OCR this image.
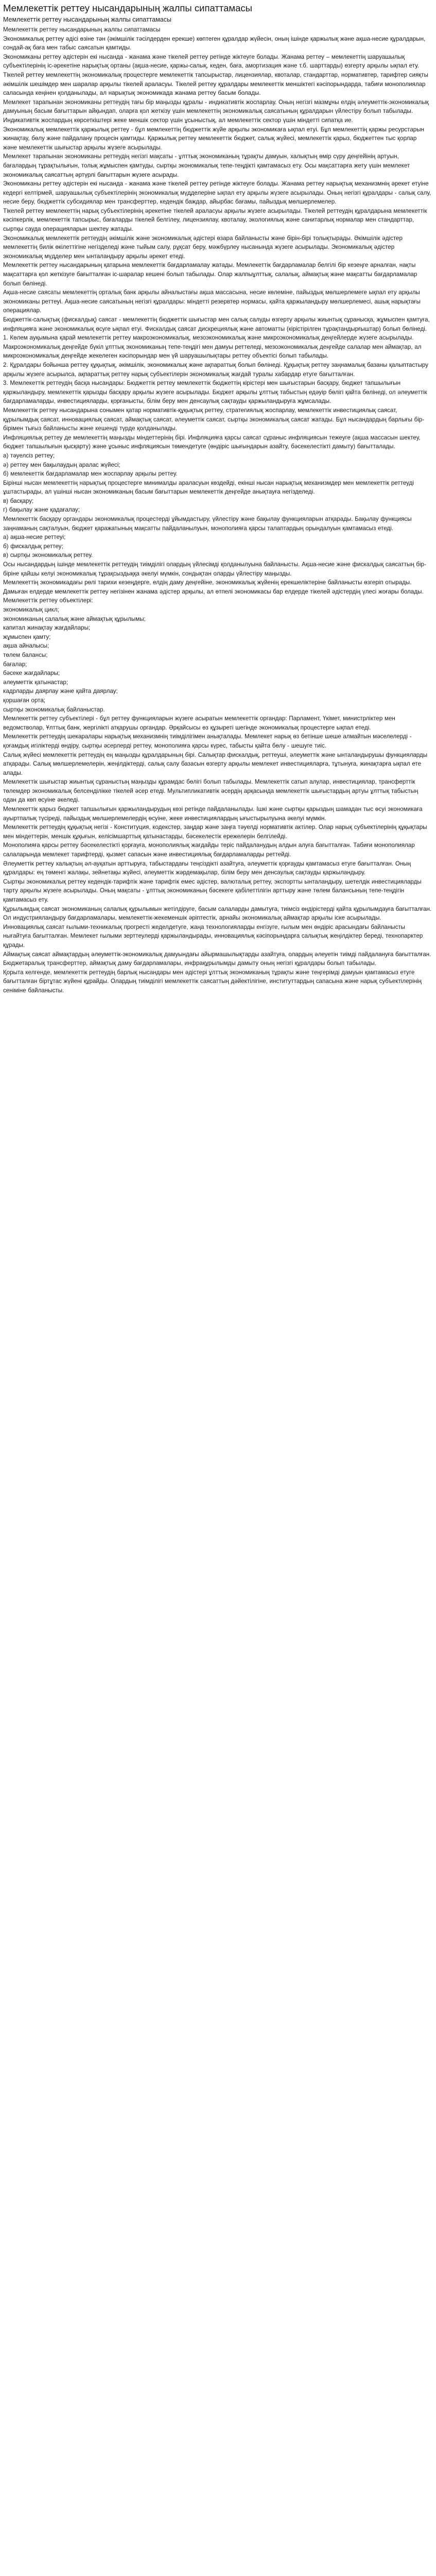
Мемлекеттік реттеу нысандарының жалпы сипаттамасы
Мемлекеттік реттеу нысандарының жалпы сипаттамасы

Мемлекеттік реттеу нысандарының жалпы сипаттамасы

Экономикалық реттеу әдісі өзіне тән (әкімшілік тәсілдерден ерекше) көптеген құралдар жүйесін, оның ішінде қаржылық және ақша-несие құралдарын, сондай-ақ баға мен табыс саясатын қамтиды.

Экономиканы реттеу әдістерін екі нысанда - жанама және тікелей реттеу ретінде жіктеуге болады. Жанама реттеу – мемлекеттің шаруашылық субъектілерінің іс-әрекетіне нарықтық ортаны (ақша-несие, қаржы-салық, кеден, баға, амортизация және т.б. шарттарды) өзгерту арқылы ықпал ету.

Тікелей реттеу мемлекеттің экономикалық процестерге мемлекеттік тапсырыстар, лицензиялар, квоталар, стандарттар, нормативтер, тарифтер сияқты әкімшілік шешімдер мен шаралар арқылы тікелей араласуы. Тікелей реттеу құралдары мемлекеттік меншіктегі кәсіпорындарда, табиғи монополиялар саласында кеңінен қолданылады, ал нарықтық экономикада жанама реттеу басым болады.

Мемлекет тарапынан экономиканы реттеудің тағы бір маңызды құралы - индикативтік жоспарлау. Оның негізгі мазмұны елдің әлеуметтік-экономикалық дамуының басым бағыттарын айқындап, оларға қол жеткізу үшін мемлекеттің экономикалық саясатының құралдарын үйлестіру болып табылады. Индикативтік жоспардың көрсеткіштері жеке меншік сектор үшін ұсыныстық, ал мемлекеттік сектор үшін міндетті сипатқа ие.

Экономикалық мемлекеттік қаржылық реттеу - бұл мемлекеттің бюджеттік жүйе арқылы экономикаға ықпал етуі. Бұл мемлекеттің қаржы ресурстарын жинақтау, бөлу және пайдалану процесін қамтиды. Қаржылық реттеу мемлекеттік бюджет, салық жүйесі, мемлекеттік қарыз, бюджеттен тыс қорлар және мемлекеттік шығыстар арқылы жүзеге асырылады.

Мемлекет тарапынан экономиканы реттеудің негізгі мақсаты - ұлттық экономиканың тұрақты дамуын, халықтың өмір сүру деңгейінің артуын, бағалардың тұрақтылығын, толық жұмыспен қамтуды, сыртқы экономикалық тепе-теңдікті қамтамасыз ету. Осы мақсаттарға жету үшін мемлекет экономикалық саясаттың әртүрлі бағыттарын жүзеге асырады.

Экономиканы реттеу әдістерін екі нысанда - жанама және тікелей реттеу ретінде жіктеуге болады. Жанама реттеу нарықтық механизмнің әрекет етуіне кедергі келтірмей, шаруашылық субъектілерінің экономикалық мүдделеріне ықпал ету арқылы жүзеге асырылады. Оның негізгі құралдары - салық салу, несие беру, бюджеттік субсидиялар мен трансферттер, кедендік баждар, айырбас бағамы, пайыздық мөлшерлемелер.

Тікелей реттеу мемлекеттің нарық субъектілерінің әрекетіне тікелей араласуы арқылы жүзеге асырылады. Тікелей реттеудің құралдарына мемлекеттік кәсіпкерлік, мемлекеттік тапсырыс, бағаларды тікелей белгілеу, лицензиялау, квоталау, экологиялық және санитарлық нормалар мен стандарттар, сыртқы сауда операцияларын шектеу жатады.

Экономикалық мемлекеттік реттеудің әкімшілік және экономикалық әдістері өзара байланысты және бірін-бірі толықтырады. Әкімшілік әдістер мемлекеттің билік өкілеттігіне негізделеді және тыйым салу, рұқсат беру, мәжбүрлеу нысанында жүзеге асырылады. Экономикалық әдістер экономикалық мүдделер мен ынталандыру арқылы әрекет етеді.

Мемлекеттік реттеу нысандарының қатарына мемлекеттік бағдарламалау жатады. Мемлекеттік бағдарламалар белгілі бір кезеңге арналған, нақты мақсаттарға қол жеткізуге бағытталған іс-шаралар кешені болып табылады. Олар жалпыұлттық, салалық, аймақтық және мақсатты бағдарламалар болып бөлінеді.

Ақша-несие саясаты мемлекеттің орталық банк арқылы айналыстағы ақша массасына, несие көлеміне, пайыздық мөлшерлемеге ықпал ету арқылы экономиканы реттеуі. Ақша-несие саясатының негізгі құралдары: міндетті резервтер нормасы, қайта қаржыландыру мөлшерлемесі, ашық нарықтағы операциялар.

Бюджеттік-салықтық (фискалдық) саясат - мемлекеттің бюджеттік шығыстар мен салық салуды өзгерту арқылы жиынтық сұранысқа, жұмыспен қамтуға, инфляцияға және экономикалық өсуге ықпал етуі. Фискалдық саясат дискрециялық және автоматты (кірістірілген тұрақтандырғыштар) болып бөлінеді.

1. Көлем ауқымына қарай мемлекеттік реттеу макроэкономикалық, мезоэкономикалық және микроэкономикалық деңгейлерде жүзеге асырылады. Макроэкономикалық деңгейде бүкіл ұлттық экономиканың тепе-теңдігі мен дамуы реттеледі, мезоэкономикалық деңгейде салалар мен аймақтар, ал микроэкономикалық деңгейде жекелеген кәсіпорындар мен үй шаруашылықтары реттеу объектісі болып табылады.

2. Құралдары бойынша реттеу құқықтық, әкімшілік, экономикалық және ақпараттық болып бөлінеді. Құқықтық реттеу заңнамалық базаны қалыптастыру арқылы жүзеге асырылса, ақпараттық реттеу нарық субъектілерін экономикалық жағдай туралы хабардар етуге бағытталған.

3. Мемлекеттік реттеудің басқа нысандары: Бюджеттік реттеу мемлекеттік бюджеттің кірістері мен шығыстарын басқару, бюджет тапшылығын қаржыландыру, мемлекеттік қарызды басқару арқылы жүзеге асырылады. Бюджет арқылы ұлттық табыстың едәуір бөлігі қайта бөлінеді, ол әлеуметтік бағдарламаларды, инвестицияларды, қорғанысты, білім беру мен денсаулық сақтауды қаржыландыруға жұмсалады.

Мемлекеттік реттеу нысандарына сонымен қатар нормативтік-құқықтық реттеу, стратегиялық жоспарлау, мемлекеттік инвестициялық саясат, құрылымдық саясат, инновациялық саясат, аймақтық саясат, әлеуметтік саясат, сыртқы экономикалық саясат жатады. Бұл нысандардың барлығы бір-бірімен тығыз байланысты және кешенді түрде қолданылады.

Инфляциялық реттеу де мемлекеттің маңызды міндеттерінің бірі. Инфляцияға қарсы саясат сұраныс инфляциясын тежеуге (ақша массасын шектеу, бюджет тапшылығын қысқарту) және ұсыныс инфляциясын төмендетуге (өндіріс шығындарын азайту, бәсекелестікті дамыту) бағытталады.

а) тәуелсіз реттеу;

ә) реттеу мен бақылаудың аралас жүйесі;

б) мемлекеттік бағдарламалар мен жоспарлау арқылы реттеу.

Бірінші нысан мемлекеттің нарықтық процестерге минималды араласуын көздейді, екінші нысан нарықтық механизмдер мен мемлекеттік реттеуді ұштастырады, ал үшінші нысан экономиканың басым бағыттарын мемлекеттік деңгейде анықтауға негізделеді.

в) басқару;

г) бақылау және қадағалау;

Мемлекеттік басқару органдары экономикалық процестерді ұйымдастыру, үйлестіру және бақылау функцияларын атқарады. Бақылау функциясы заңнаманың сақталуын, бюджет қаражатының мақсатты пайдаланылуын, монополияға қарсы талаптардың орындалуын қамтамасыз етеді.

а) ақша-несие реттеуі;

б) фискалдық реттеу;

в) сыртқы экономикалық реттеу.

Осы нысандардың ішінде мемлекеттік реттеудің тиімділігі олардың үйлесімді қолданылуына байланысты. Ақша-несие және фискалдық саясаттың бір-біріне қайшы келуі экономикалық тұрақсыздыққа әкелуі мүмкін, сондықтан оларды үйлестіру маңызды.

Мемлекеттің экономикадағы рөлі тарихи кезеңдерге, елдің даму деңгейіне, экономикалық жүйенің ерекшеліктеріне байланысты өзгеріп отырады. Дамыған елдерде мемлекеттік реттеу негізінен жанама әдістер арқылы, ал өтпелі экономикасы бар елдерде тікелей әдістердің үлесі жоғары болады.

Мемлекеттік реттеу объектілері:

экономикалық цикл;

экономиканың салалық және аймақтық құрылымы;

капитал жинақтау жағдайлары;

жұмыспен қамту;

ақша айналысы;

төлем балансы;

бағалар;

бәсеке жағдайлары;

әлеуметтік қатынастар;

кадрларды даярлау және қайта даярлау;

қоршаған орта;

сыртқы экономикалық байланыстар.

Мемлекеттік реттеу субъектілері - бұл реттеу функцияларын жүзеге асыратын мемлекеттік органдар: Парламент, Үкімет, министрліктер мен ведомстволар, Ұлттық банк, жергілікті атқарушы органдар. Әрқайсысы өз құзыреті шегінде экономикалық процестерге ықпал етеді.

Мемлекеттік реттеудің шекаралары нарықтық механизмнің тиімділігімен анықталады. Мемлекет нарық өз бетінше шеше алмайтын мәселелерді - қоғамдық игіліктерді өндіру, сыртқы әсерлерді реттеу, монополияға қарсы күрес, табысты қайта бөлу - шешуге тиіс.

Салық жүйесі мемлекеттік реттеудің ең маңызды құралдарының бірі. Салықтар фискалдық, реттеуші, әлеуметтік және ынталандырушы функцияларды атқарады. Салық мөлшерлемелерін, жеңілдіктерді, салық салу базасын өзгерту арқылы мемлекет инвестицияларға, тұтынуға, жинақтарға ықпал ете алады.

Мемлекеттік шығыстар жиынтық сұраныстың маңызды құрамдас бөлігі болып табылады. Мемлекеттік сатып алулар, инвестициялар, трансферттік төлемдер экономикалық белсенділікке тікелей әсер етеді. Мультипликативтік әсердің арқасында мемлекеттік шығыстардың артуы ұлттық табыстың одан да көп өсуіне әкеледі.

Мемлекеттік қарыз бюджет тапшылығын қаржыландырудың көзі ретінде пайдаланылады. Ішкі және сыртқы қарыздың шамадан тыс өсуі экономикаға ауыртпалық түсіреді, пайыздық мөлшерлемелердің өсуіне, жеке инвестициялардың ығыстырылуына әкелуі мүмкін.

Мемлекеттік реттеудің құқықтық негізі - Конституция, кодекстер, заңдар және заңға тәуелді нормативтік актілер. Олар нарық субъектілерінің құқықтары мен міндеттерін, меншік құқығын, келісімшарттық қатынастарды, бәсекелестік ережелерін белгілейді.

Монополияға қарсы реттеу бәсекелестікті қорғауға, монополиялық жағдайды теріс пайдаланудың алдын алуға бағытталған. Табиғи монополиялар салаларында мемлекет тарифтерді, қызмет сапасын және инвестициялық бағдарламаларды реттейді.

Әлеуметтік реттеу халықтың әл-ауқатын арттыруға, табыстардағы теңсіздікті азайтуға, әлеуметтік қорғауды қамтамасыз етуге бағытталған. Оның құралдары: ең төменгі жалақы, зейнетақы жүйесі, әлеуметтік жәрдемақылар, білім беру мен денсаулық сақтауды қаржыландыру.

Сыртқы экономикалық реттеу кедендік-тарифтік және тарифтік емес әдістер, валюталық реттеу, экспортты ынталандыру, шетелдік инвестицияларды тарту арқылы жүзеге асырылады. Оның мақсаты - ұлттық экономиканың бәсекеге қабілеттілігін арттыру және төлем балансының тепе-теңдігін қамтамасыз ету.

Құрылымдық саясат экономиканың салалық құрылымын жетілдіруге, басым салаларды дамытуға, тиімсіз өндірістерді қайта құрылымдауға бағытталған. Ол индустрияландыру бағдарламалары, мемлекеттік-жекеменшік әріптестік, арнайы экономикалық аймақтар арқылы іске асырылады.

Инновациялық саясат ғылыми-техникалық прогресті жеделдетуге, жаңа технологияларды енгізуге, ғылым мен өндіріс арасындағы байланысты нығайтуға бағытталған. Мемлекет ғылыми зерттеулерді қаржыландырады, инновациялық кәсіпорындарға салықтық жеңілдіктер береді, технопарктер құрады.

Аймақтық саясат аймақтардың әлеуметтік-экономикалық дамуындағы айырмашылықтарды азайтуға, олардың әлеуетін тиімді пайдалануға бағытталған. Бюджетаралық трансферттер, аймақтық даму бағдарламалары, инфрақұрылымды дамыту оның негізгі құралдары болып табылады.

Қорыта келгенде, мемлекеттік реттеудің барлық нысандары мен әдістері ұлттық экономиканың тұрақты және теңгерімді дамуын қамтамасыз етуге бағытталған біртұтас жүйені құрайды. Олардың тиімділігі мемлекеттік саясаттың дәйектілігіне, институттардың сапасына және нарық субъектілерінің сеніміне байланысты.
